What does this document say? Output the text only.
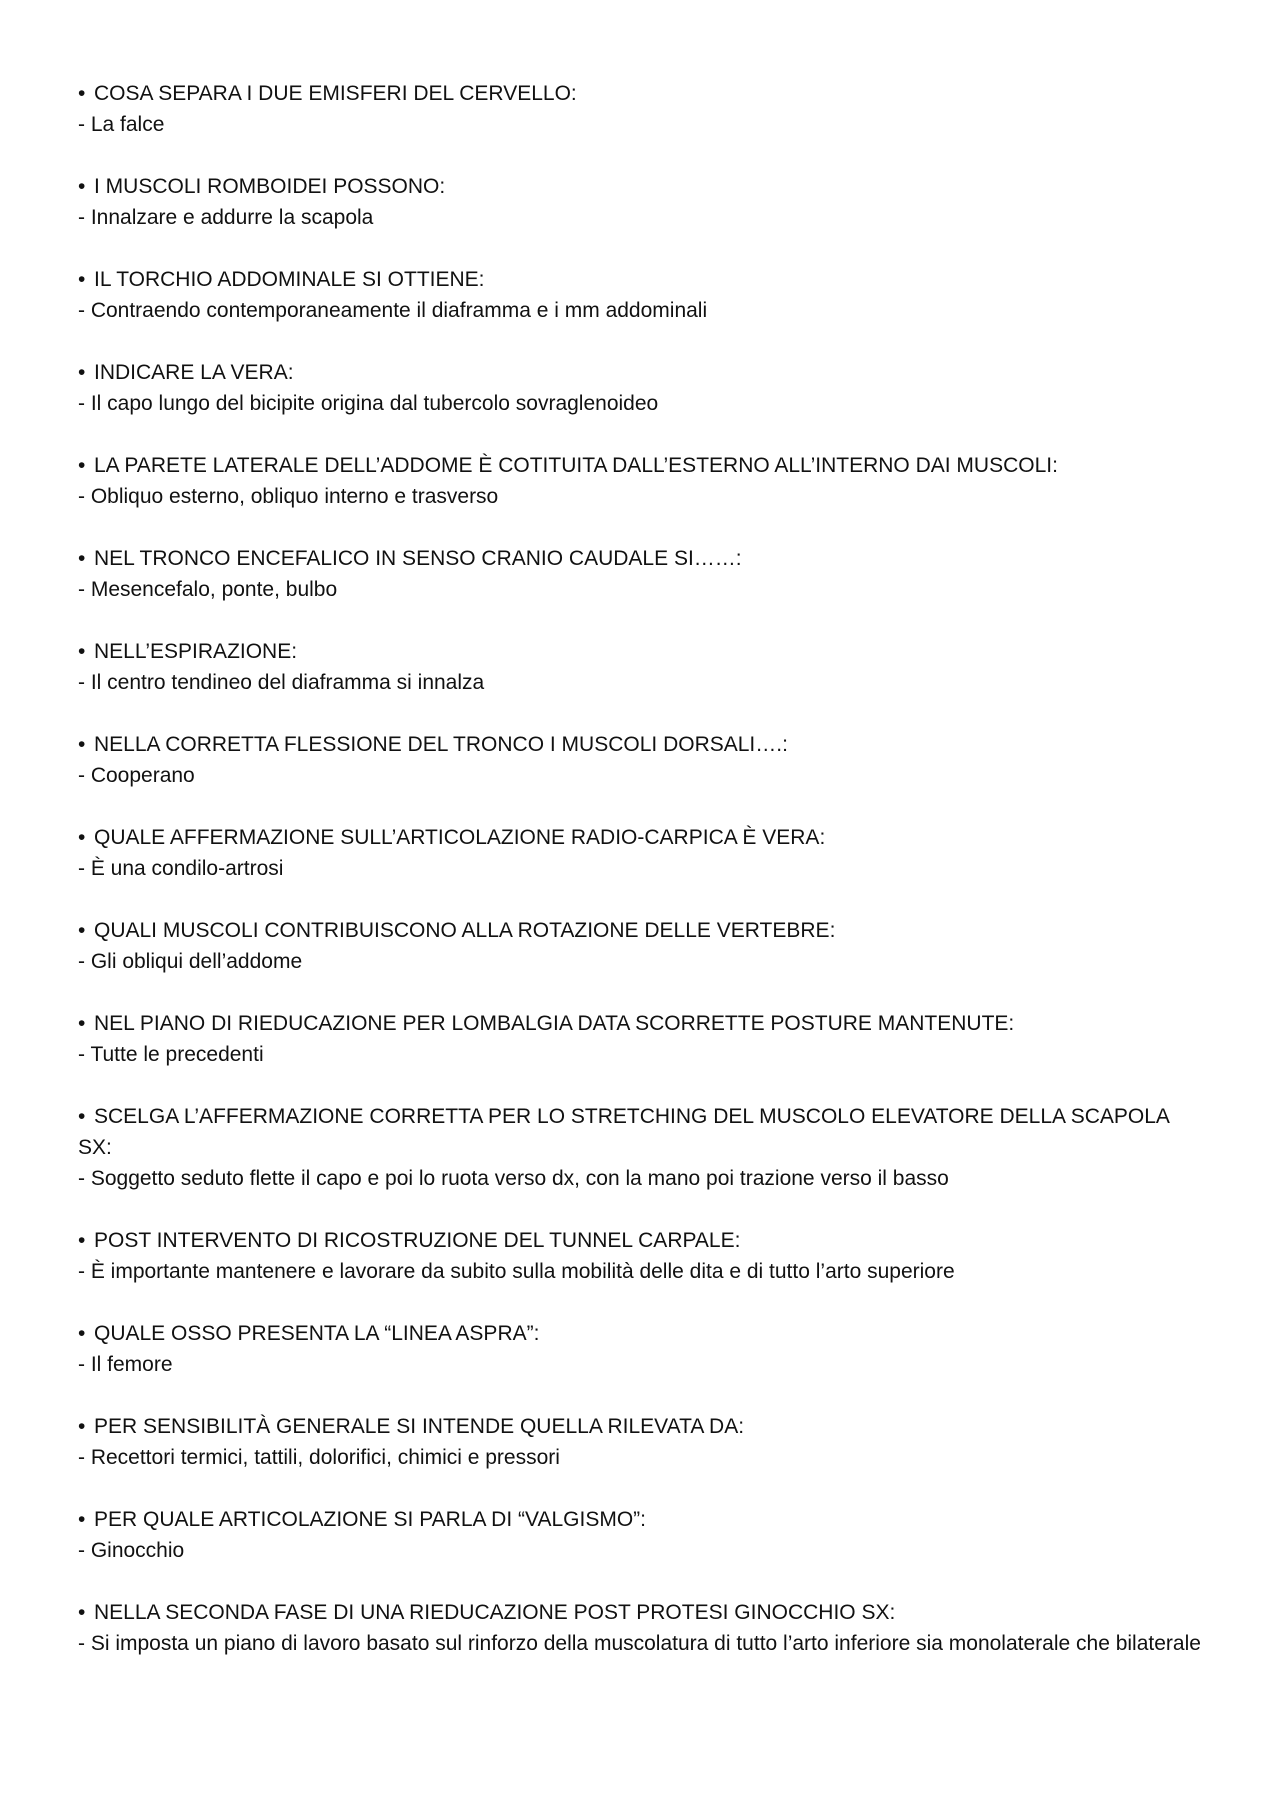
• COSA SEPARA I DUE EMISFERI DEL CERVELLO:

- La falce

• I MUSCOLI ROMBOIDEI POSSONO:

- Innalzare e addurre la scapola

• IL TORCHIO ADDOMINALE SI OTTIENE:

- Contraendo contemporaneamente il diaframma e i mm addominali

• INDICARE LA VERA:

- Il capo lungo del bicipite origina dal tubercolo sovraglenoideo

• LA PARETE LATERALE DELL’ADDOME È COTITUITA DALL’ESTERNO ALL’INTERNO DAI MUSCOLI:

- Obliquo esterno, obliquo interno e trasverso

• NEL TRONCO ENCEFALICO IN SENSO CRANIO CAUDALE SI……:

- Mesencefalo, ponte, bulbo

• NELL’ESPIRAZIONE:

- Il centro tendineo del diaframma si innalza

• NELLA CORRETTA FLESSIONE DEL TRONCO I MUSCOLI DORSALI….:

- Cooperano

• QUALE AFFERMAZIONE SULL’ARTICOLAZIONE RADIO-CARPICA È VERA:

- È una condilo-artrosi

• QUALI MUSCOLI CONTRIBUISCONO ALLA ROTAZIONE DELLE VERTEBRE:

- Gli obliqui dell’addome

• NEL PIANO DI RIEDUCAZIONE PER LOMBALGIA DATA SCORRETTE POSTURE MANTENUTE:

- Tutte le precedenti

• SCELGA L’AFFERMAZIONE CORRETTA PER LO STRETCHING DEL MUSCOLO ELEVATORE DELLA SCAPOLA SX:

- Soggetto seduto flette il capo e poi lo ruota verso dx, con la mano poi trazione verso il basso

• POST INTERVENTO DI RICOSTRUZIONE DEL TUNNEL CARPALE:

- È importante mantenere e lavorare da subito sulla mobilità delle dita e di tutto l’arto superiore

• QUALE OSSO PRESENTA LA “LINEA ASPRA”:

- Il femore

• PER SENSIBILITÀ GENERALE SI INTENDE QUELLA RILEVATA DA:

- Recettori termici, tattili, dolorifici, chimici e pressori

• PER QUALE ARTICOLAZIONE SI PARLA DI “VALGISMO”:

- Ginocchio

• NELLA SECONDA FASE DI UNA RIEDUCAZIONE POST PROTESI GINOCCHIO SX:

- Si imposta un piano di lavoro basato sul rinforzo della muscolatura di tutto l’arto inferiore sia monolaterale che bilaterale
